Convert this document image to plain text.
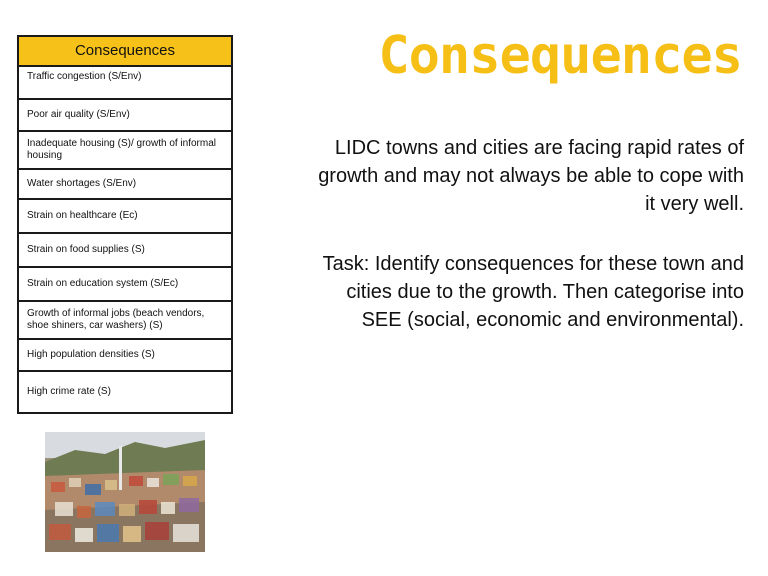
Consequences
Traffic congestion (S/Env)
Poor air quality (S/Env)
Inadequate housing (S)/ growth of informal housing
Water shortages (S/Env)
Strain on healthcare (Ec)
Strain on food supplies (S)
Strain on education system (S/Ec)
Growth of informal jobs (beach vendors, shoe shiners, car washers) (S)
High population densities (S)
High crime rate (S)
Consequences

LIDC towns and cities are facing rapid rates of growth and may not always be able to cope with it very well.

Task: Identify consequences for these town and cities due to the growth. Then categorise into SEE (social, economic and environmental).
